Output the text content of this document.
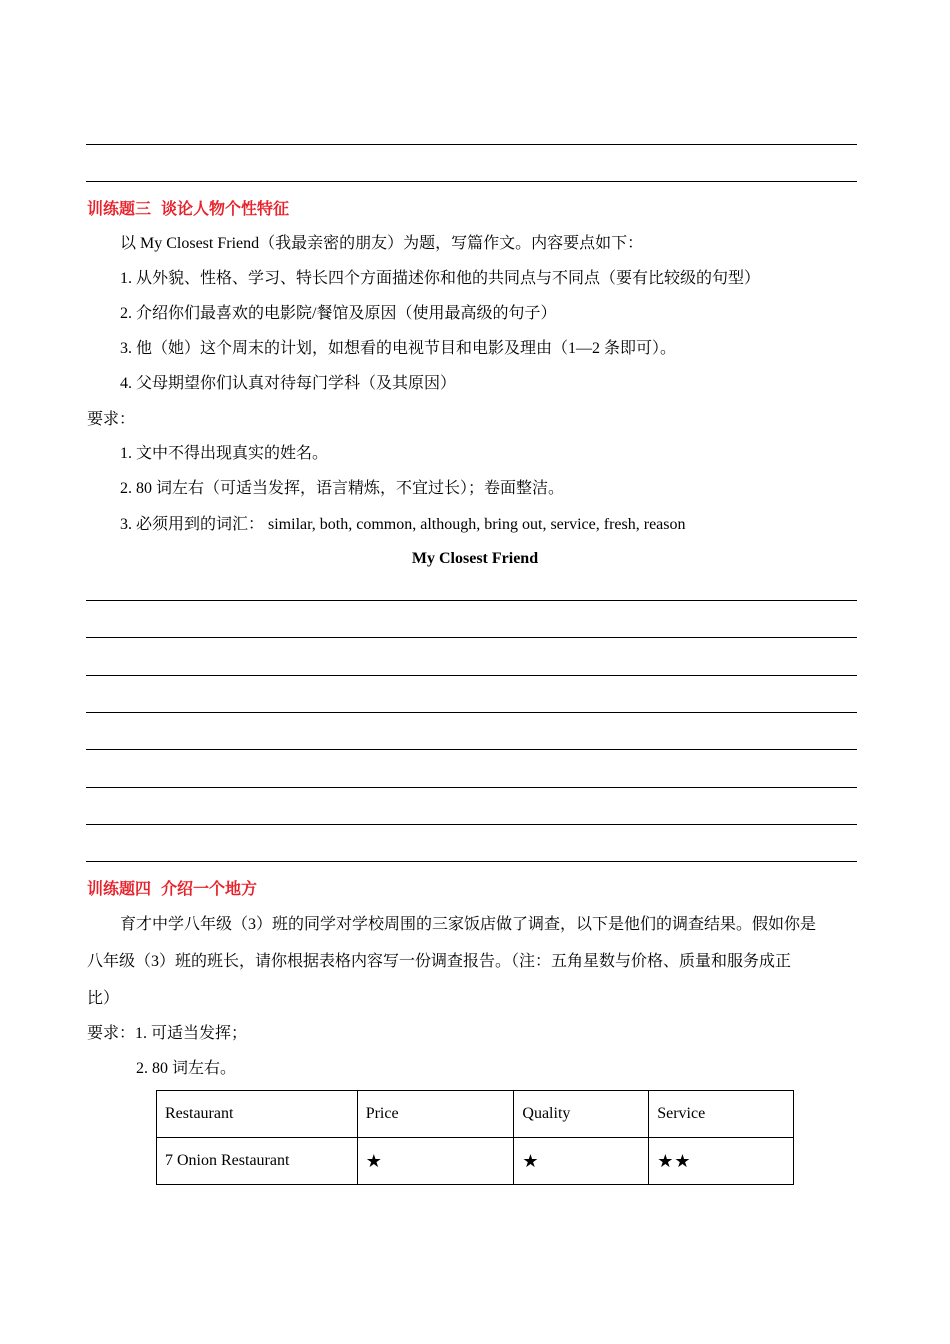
训练题三 谈论人物个性特征
以 My Closest Friend（我最亲密的朋友）为题，写篇作文。内容要点如下：
1. 从外貌、性格、学习、特长四个方面描述你和他的共同点与不同点（要有比较级的句型）
2. 介绍你们最喜欢的电影院/餐馆及原因（使用最高级的句子）
3. 他（她）这个周末的计划，如想看的电视节目和电影及理由（1—2 条即可）。
4. 父母期望你们认真对待每门学科（及其原因）
要求：
1. 文中不得出现真实的姓名。
2. 80 词左右（可适当发挥，语言精炼，不宜过长）；卷面整洁。
3. 必须用到的词汇： similar, both, common, although, bring out, service, fresh, reason
My Closest Friend
训练题四 介绍一个地方
育才中学八年级（3）班的同学对学校周围的三家饭店做了调查，以下是他们的调查结果。假如你是
八年级（3）班的班长，请你根据表格内容写一份调查报告。（注：五角星数与价格、质量和服务成正
比）
要求：1. 可适当发挥；
2. 80 词左右。
Restaurant	Price	Quality	Service
7 Onion Restaurant	★	★	★★
